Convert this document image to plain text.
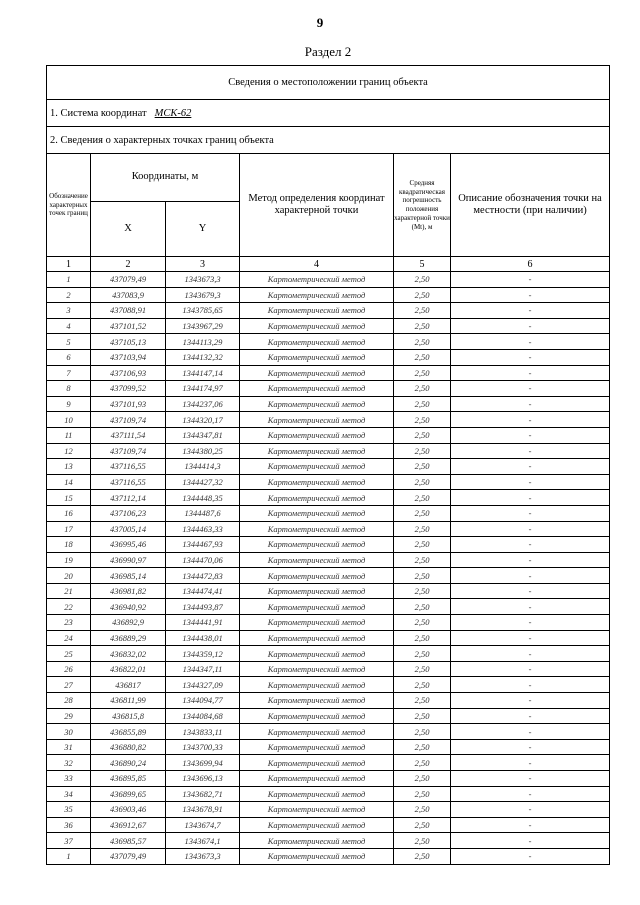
9
Раздел 2
Сведения о местоположении границ объекта					
1. Система координат МСК-62					
2. Сведения о характерных точках границ объекта					
Обозначение характерных точек границ	Координаты, м		Метод определения координат характерной точки	Средняя квадратическая погрешность положения характерной точки (Mt), м	Описание обозначения точки на местности (при наличии)
	X	Y			
1	2	3	4	5	6
1	437079,49	1343673,3	Картометрический метод	2,50	-
2	437083,9	1343679,3	Картометрический метод	2,50	-
3	437088,91	1343785,65	Картометрический метод	2,50	-
4	437101,52	1343967,29	Картометрический метод	2,50	-
5	437105,13	1344113,29	Картометрический метод	2,50	-
6	437103,94	1344132,32	Картометрический метод	2,50	-
7	437106,93	1344147,14	Картометрический метод	2,50	-
8	437099,52	1344174,97	Картометрический метод	2,50	-
9	437101,93	1344237,06	Картометрический метод	2,50	-
10	437109,74	1344320,17	Картометрический метод	2,50	-
11	437111,54	1344347,81	Картометрический метод	2,50	-
12	437109,74	1344380,25	Картометрический метод	2,50	-
13	437116,55	1344414,3	Картометрический метод	2,50	-
14	437116,55	1344427,32	Картометрический метод	2,50	-
15	437112,14	1344448,35	Картометрический метод	2,50	-
16	437106,23	1344487,6	Картометрический метод	2,50	-
17	437005,14	1344463,33	Картометрический метод	2,50	-
18	436995,46	1344467,93	Картометрический метод	2,50	-
19	436990,97	1344470,06	Картометрический метод	2,50	-
20	436985,14	1344472,83	Картометрический метод	2,50	-
21	436981,82	1344474,41	Картометрический метод	2,50	-
22	436940,92	1344493,87	Картометрический метод	2,50	-
23	436892,9	1344441,91	Картометрический метод	2,50	-
24	436889,29	1344438,01	Картометрический метод	2,50	-
25	436832,02	1344359,12	Картометрический метод	2,50	-
26	436822,01	1344347,11	Картометрический метод	2,50	-
27	436817	1344327,09	Картометрический метод	2,50	-
28	436811,99	1344094,77	Картометрический метод	2,50	-
29	436815,8	1344084,68	Картометрический метод	2,50	-
30	436855,89	1343833,11	Картометрический метод	2,50	-
31	436880,82	1343700,33	Картометрический метод	2,50	-
32	436890,24	1343699,94	Картометрический метод	2,50	-
33	436895,85	1343696,13	Картометрический метод	2,50	-
34	436899,65	1343682,71	Картометрический метод	2,50	-
35	436903,46	1343678,91	Картометрический метод	2,50	-
36	436912,67	1343674,7	Картометрический метод	2,50	-
37	436985,57	1343674,1	Картометрический метод	2,50	-
1	437079,49	1343673,3	Картометрический метод	2,50	-
